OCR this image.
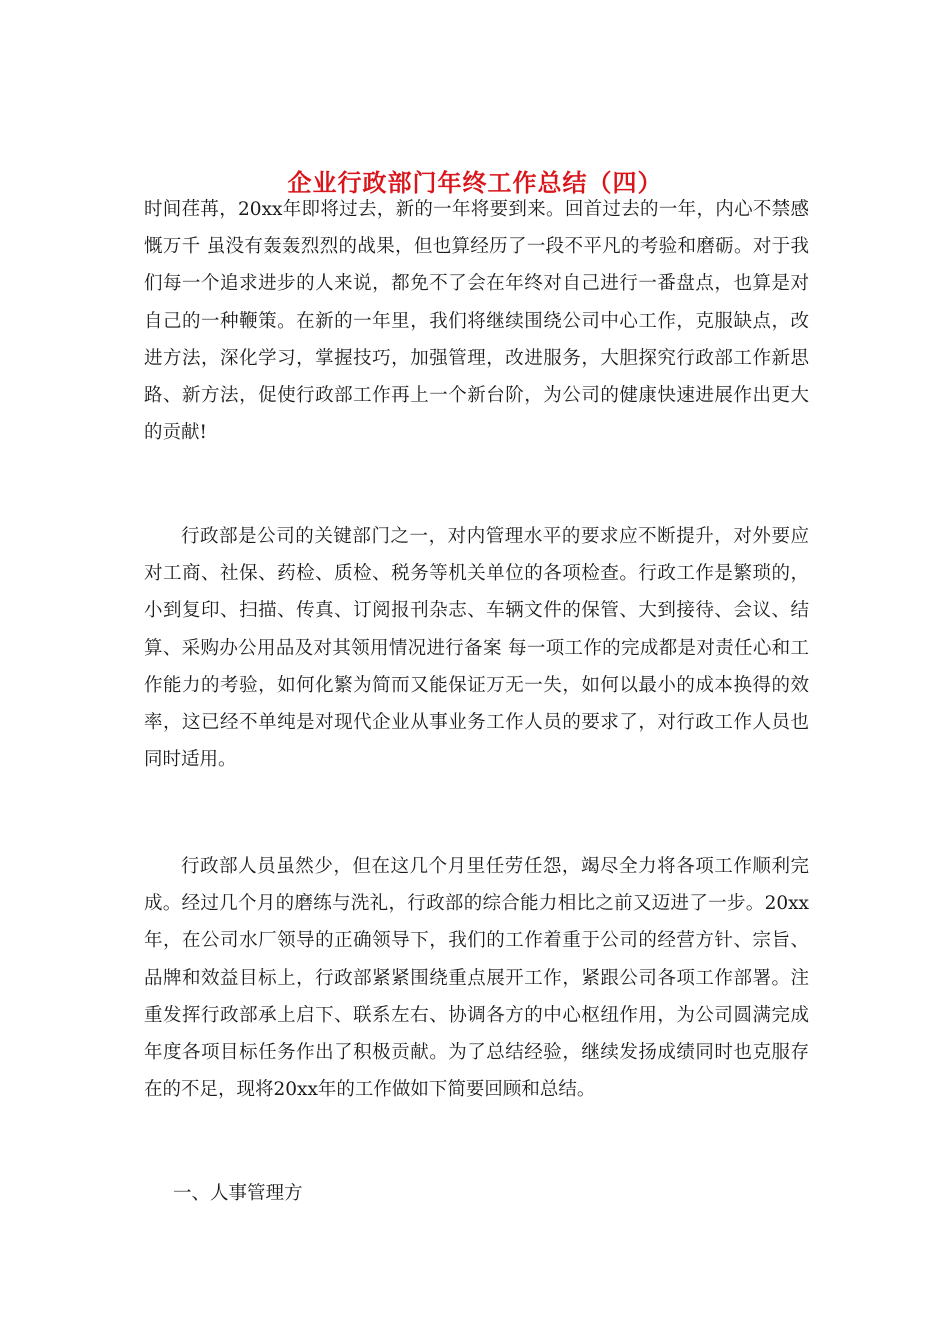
企业行政部门年终工作总结（四）

时间荏苒，20xx年即将过去，新的一年将要到来。回首过去的一年，内心不禁感慨万千 虽没有轰轰烈烈的战果，但也算经历了一段不平凡的考验和磨砺。对于我们每一个追求进步的人来说，都免不了会在年终对自己进行一番盘点，也算是对自己的一种鞭策。在新的一年里，我们将继续围绕公司中心工作，克服缺点，改进方法，深化学习，掌握技巧，加强管理，改进服务，大胆探究行政部工作新思路、新方法，促使行政部工作再上一个新台阶，为公司的健康快速进展作出更大的贡献!

行政部是公司的关键部门之一，对内管理水平的要求应不断提升，对外要应对工商、社保、药检、质检、税务等机关单位的各项检查。行政工作是繁琐的，小到复印、扫描、传真、订阅报刊杂志、车辆文件的保管、大到接待、会议、结算、采购办公用品及对其领用情况进行备案 每一项工作的完成都是对责任心和工作能力的考验，如何化繁为简而又能保证万无一失，如何以最小的成本换得的效率，这已经不单纯是对现代企业从事业务工作人员的要求了，对行政工作人员也同时适用。

行政部人员虽然少，但在这几个月里任劳任怨，竭尽全力将各项工作顺利完成。经过几个月的磨练与洗礼，行政部的综合能力相比之前又迈进了一步。20xx年，在公司水厂领导的正确领导下，我们的工作着重于公司的经营方针、宗旨、品牌和效益目标上，行政部紧紧围绕重点展开工作，紧跟公司各项工作部署。注重发挥行政部承上启下、联系左右、协调各方的中心枢纽作用，为公司圆满完成年度各项目标任务作出了积极贡献。为了总结经验，继续发扬成绩同时也克服存在的不足，现将20xx年的工作做如下简要回顾和总结。

一、人事管理方
